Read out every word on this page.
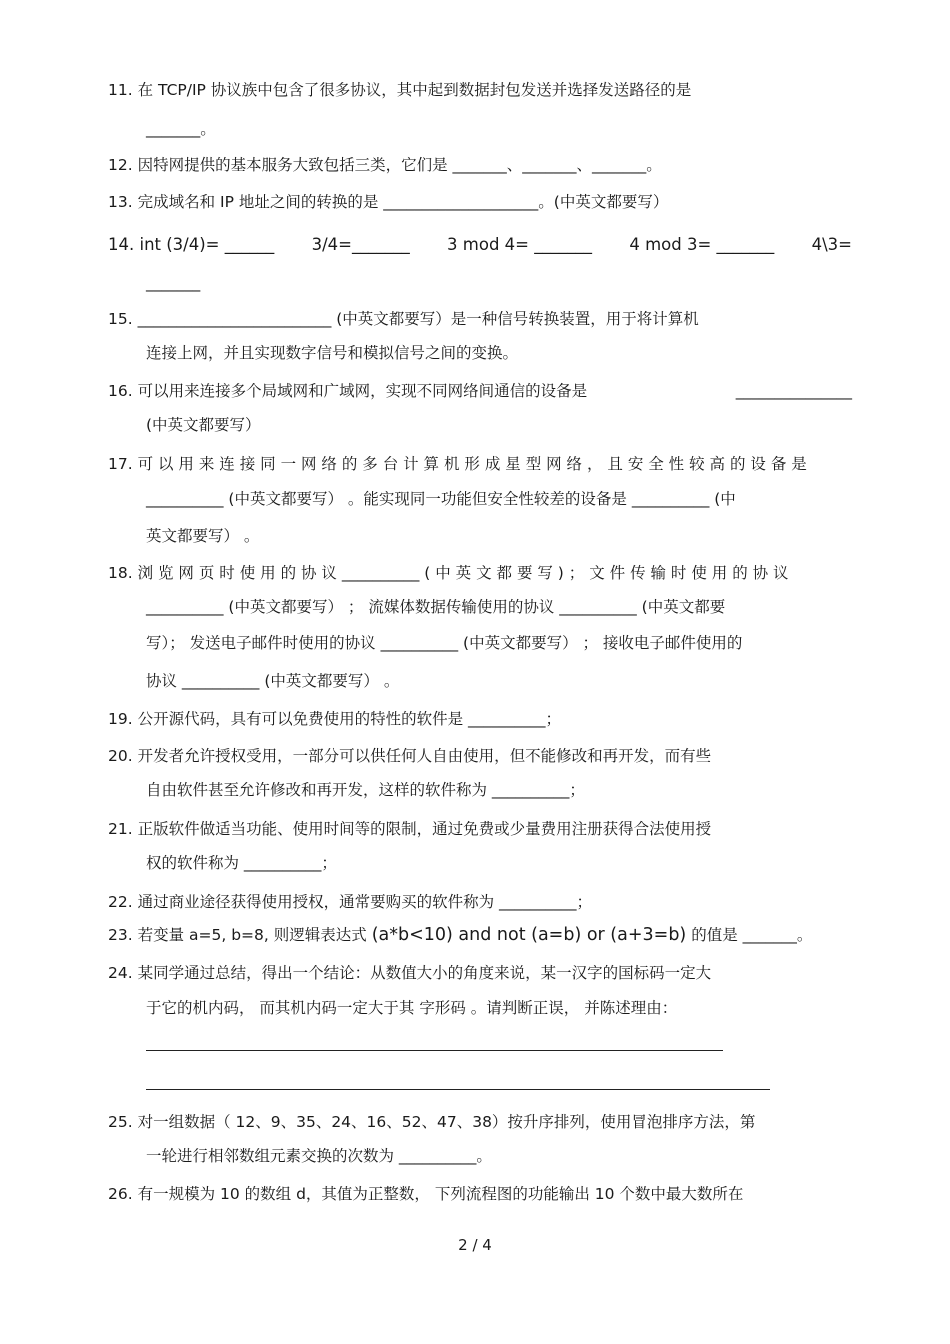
11. 在 TCP/IP 协议族中包含了很多协议，其中起到数据封包发送并选择发送路径的是
_______。
12. 因特网提供的基本服务大致包括三类，它们是 _______、_______、_______。
13. 完成域名和 IP 地址之间的转换的是 ____________________。(中英文都要写）
14. int (3/4)= ______ 3/4=_______ 3 mod 4= _______ 4 mod 3= _______ 4\3=
_______
15. _________________________ (中英文都要写）是一种信号转换装置，用于将计算机
连接上网，并且实现数字信号和模拟信号之间的变换。
16. 可以用来连接多个局域网和广域网，实现不同网络间通信的设备是	_______________
(中英文都要写）
17. 可 以 用 来 连 接 同 一 网 络 的 多 台 计 算 机 形 成 星 型 网 络 ， 且 安 全 性 较 高 的 设 备 是
__________ (中英文都要写） 。能实现同一功能但安全性较差的设备是 __________ (中
英文都要写） 。
18. 浏 览 网 页 时 使 用 的 协 议 __________ ( 中 英 文 都 要 写 ) ； 文 件 传 输 时 使 用 的 协 议
__________ (中英文都要写） ； 流媒体数据传输使用的协议 __________ (中英文都要
写）； 发送电子邮件时使用的协议 __________ (中英文都要写） ； 接收电子邮件使用的
协议 __________ (中英文都要写） 。
19. 公开源代码，具有可以免费使用的特性的软件是 __________；
20. 开发者允许授权受用，一部分可以供任何人自由使用，但不能修改和再开发，而有些
自由软件甚至允许修改和再开发，这样的软件称为 __________；
21. 正版软件做适当功能、使用时间等的限制，通过免费或少量费用注册获得合法使用授
权的软件称为 __________；
22. 通过商业途径获得使用授权，通常要购买的软件称为 __________；
23. 若变量 a=5, b=8, 则逻辑表达式 (a*b<10) and not (a=b) or (a+3=b) 的值是 _______。
24. 某同学通过总结，得出一个结论：从数值大小的角度来说，某一汉字的国标码一定大
于它的机内码， 而其机内码一定大于其 字形码 。请判断正误， 并陈述理由：
25. 对一组数据（ 12、9、35、24、16、52、47、38）按升序排列，使用冒泡排序方法，第
一轮进行相邻数组元素交换的次数为 __________。
26. 有一规模为 10 的数组 d，其值为正整数， 下列流程图的功能输出 10 个数中最大数所在
2 / 4
